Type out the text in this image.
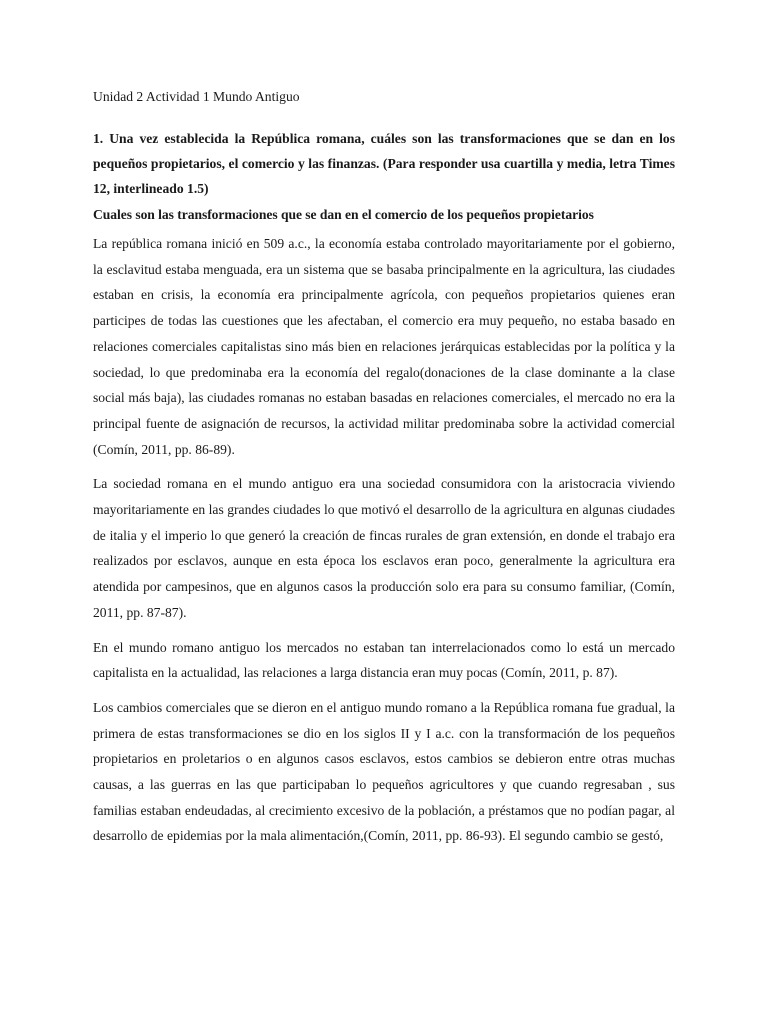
Unidad 2 Actividad 1 Mundo Antiguo
1. Una vez establecida la República romana, cuáles son las transformaciones que se dan en los pequeños propietarios, el comercio y las finanzas. (Para responder usa cuartilla y media, letra Times 12, interlineado 1.5)
Cuales son las transformaciones que se dan en el comercio de los pequeños propietarios

La república romana inició en 509 a.c., la economía estaba controlado mayoritariamente por el gobierno, la esclavitud estaba menguada, era un sistema que se basaba principalmente en la agricultura, las ciudades estaban en crisis, la economía era principalmente agrícola, con pequeños propietarios quienes eran participes de todas las cuestiones que les afectaban, el comercio era muy pequeño, no estaba basado en relaciones comerciales capitalistas sino más bien en relaciones jerárquicas establecidas por la política y la sociedad, lo que predominaba era la economía del regalo(donaciones de la clase dominante a la clase social más baja), las ciudades romanas no estaban basadas en relaciones comerciales, el mercado no era la principal fuente de asignación de recursos, la actividad militar predominaba sobre la actividad comercial (Comín, 2011, pp. 86-89).

La sociedad romana en el mundo antiguo era una sociedad consumidora con la aristocracia viviendo mayoritariamente en las grandes ciudades lo que motivó el desarrollo de la agricultura en algunas ciudades de italia y el imperio lo que generó la creación de fincas rurales de gran extensión, en donde el trabajo era realizados por esclavos, aunque en esta época los esclavos eran poco, generalmente la agricultura era atendida por campesinos, que en algunos casos la producción solo era para su consumo familiar, (Comín, 2011, pp. 87-87).

En el mundo romano antiguo los mercados no estaban tan interrelacionados como lo está un mercado capitalista en la actualidad, las relaciones a larga distancia eran muy pocas (Comín, 2011, p. 87).

Los cambios comerciales que se dieron en el antiguo mundo romano a la República romana fue gradual, la primera de estas transformaciones se dio en los siglos II y I a.c. con la transformación de los pequeños propietarios en proletarios o en algunos casos esclavos, estos cambios se debieron entre otras muchas causas, a las guerras en las que participaban lo pequeños agricultores y que cuando regresaban , sus familias estaban endeudadas, al crecimiento excesivo de la población, a préstamos que no podían pagar, al desarrollo de epidemias por la mala alimentación,(Comín, 2011, pp. 86-93). El segundo cambio se gestó,
